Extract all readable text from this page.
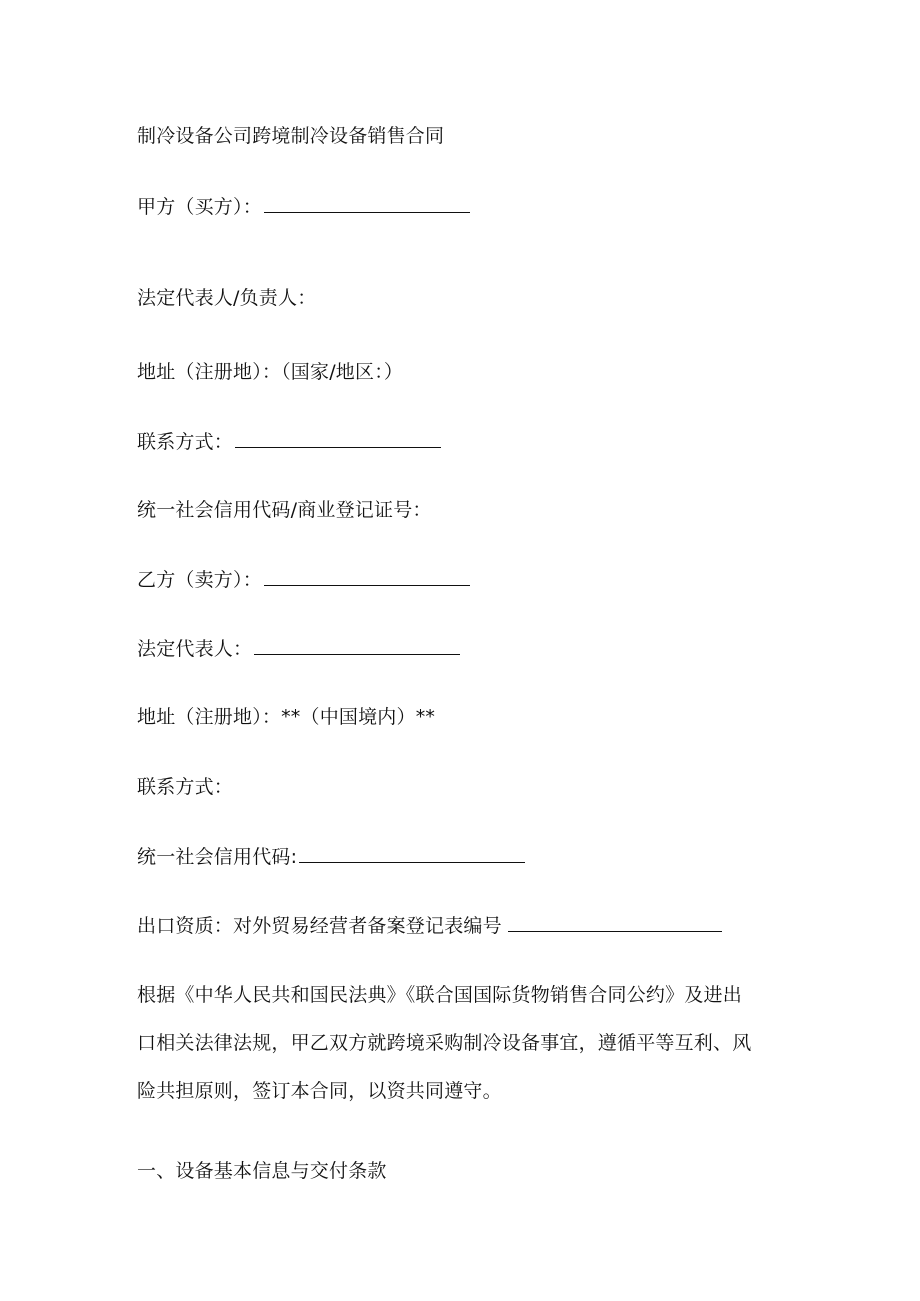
制冷设备公司跨境制冷设备销售合同
甲方（买方）：
法定代表人/负责人：
地址（注册地）：（国家/地区：）
联系方式：
统一社会信用代码/商业登记证号：
乙方（卖方）：
法定代表人：
地址（注册地）：**（中国境内）**
联系方式：
统一社会信用代码:
出口资质：对外贸易经营者备案登记表编号
根据《中华人民共和国民法典》《联合国国际货物销售合同公约》及进出
口相关法律法规，甲乙双方就跨境采购制冷设备事宜，遵循平等互利、风
险共担原则，签订本合同，以资共同遵守。
一、设备基本信息与交付条款
